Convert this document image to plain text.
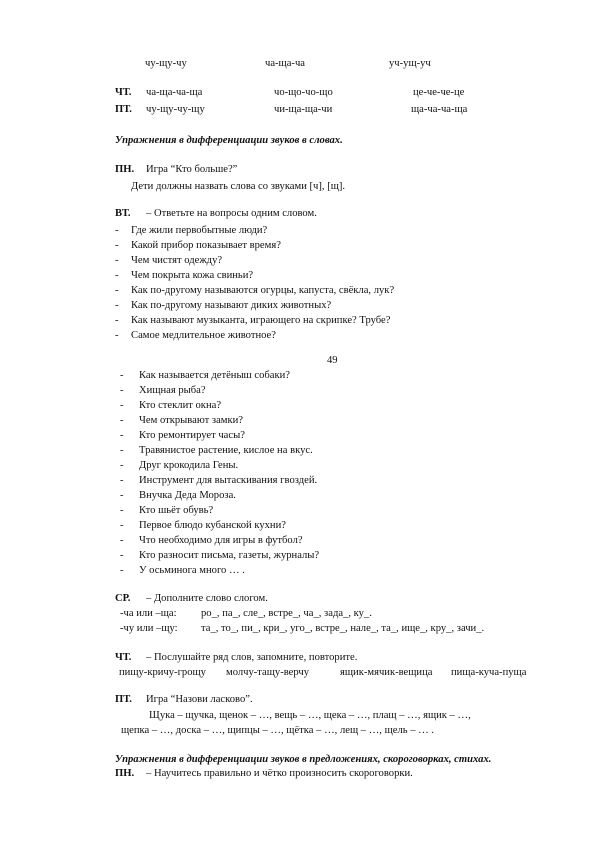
чу-щу-чу	ча-ща-ча	уч-ущ-уч
ЧТ. ча-ща-ча-ща	чо-що-чо-що	це-че-че-це
ПТ. чу-щу-чу-щу	чи-ща-ща-чи	ща-ча-ча-ща
Упражнения в дифференциации звуков в словах.
ПН. Игра “Кто больше?”
Дети должны назвать слова со звуками [ч], [щ].
ВТ. – Ответьте на вопросы одним словом.
- Где жили первобытные люди?
- Какой прибор показывает время?
- Чем чистят одежду?
- Чем покрыта кожа свиньи?
- Как по-другому называются огурцы, капуста, свёкла, лук?
- Как по-другому называют диких животных?
- Как называют музыканта, играющего на скрипке? Трубе?
- Самое медлительное животное?
49
- Как называется детёныш собаки?
- Хищная рыба?
- Кто стеклит окна?
- Чем открывают замки?
- Кто ремонтирует часы?
- Травянистое растение, кислое на вкус.
- Друг крокодила Гены.
- Инструмент для вытаскивания гвоздей.
- Внучка Деда Мороза.
- Кто шьёт обувь?
- Первое блюдо кубанской кухни?
- Что необходимо для игры в футбол?
- Кто разносит письма, газеты, журналы?
- У осьминога много … .
СР. – Дополните слово слогом.
-ча или –ща: ро_, па_, сле_, встре_, ча_, зада_, ку_.
-чу или –щу: та_, то_, пи_, кри_, уго_, встре_, нале_, та_, ище_, кру_, зачи_.
ЧТ. – Послушайте ряд слов, запомните, повторите.
пищу-кричу-грощу молчу-тащу-верчу	ящик-мячик-вещица пища-куча-пуща
ПТ. Игра “Назови ласково”.
Щука – щучка, щенок – …, вещь – …, щека – …, плащ – …, ящик – …,
щепка – …, доска – …, щипцы – …, щётка – …, лещ – …, щель – … .
Упражнения в дифференциации звуков в предложениях, скороговорках, стихах.
ПН. – Научитесь правильно и чётко произносить скороговорки.
